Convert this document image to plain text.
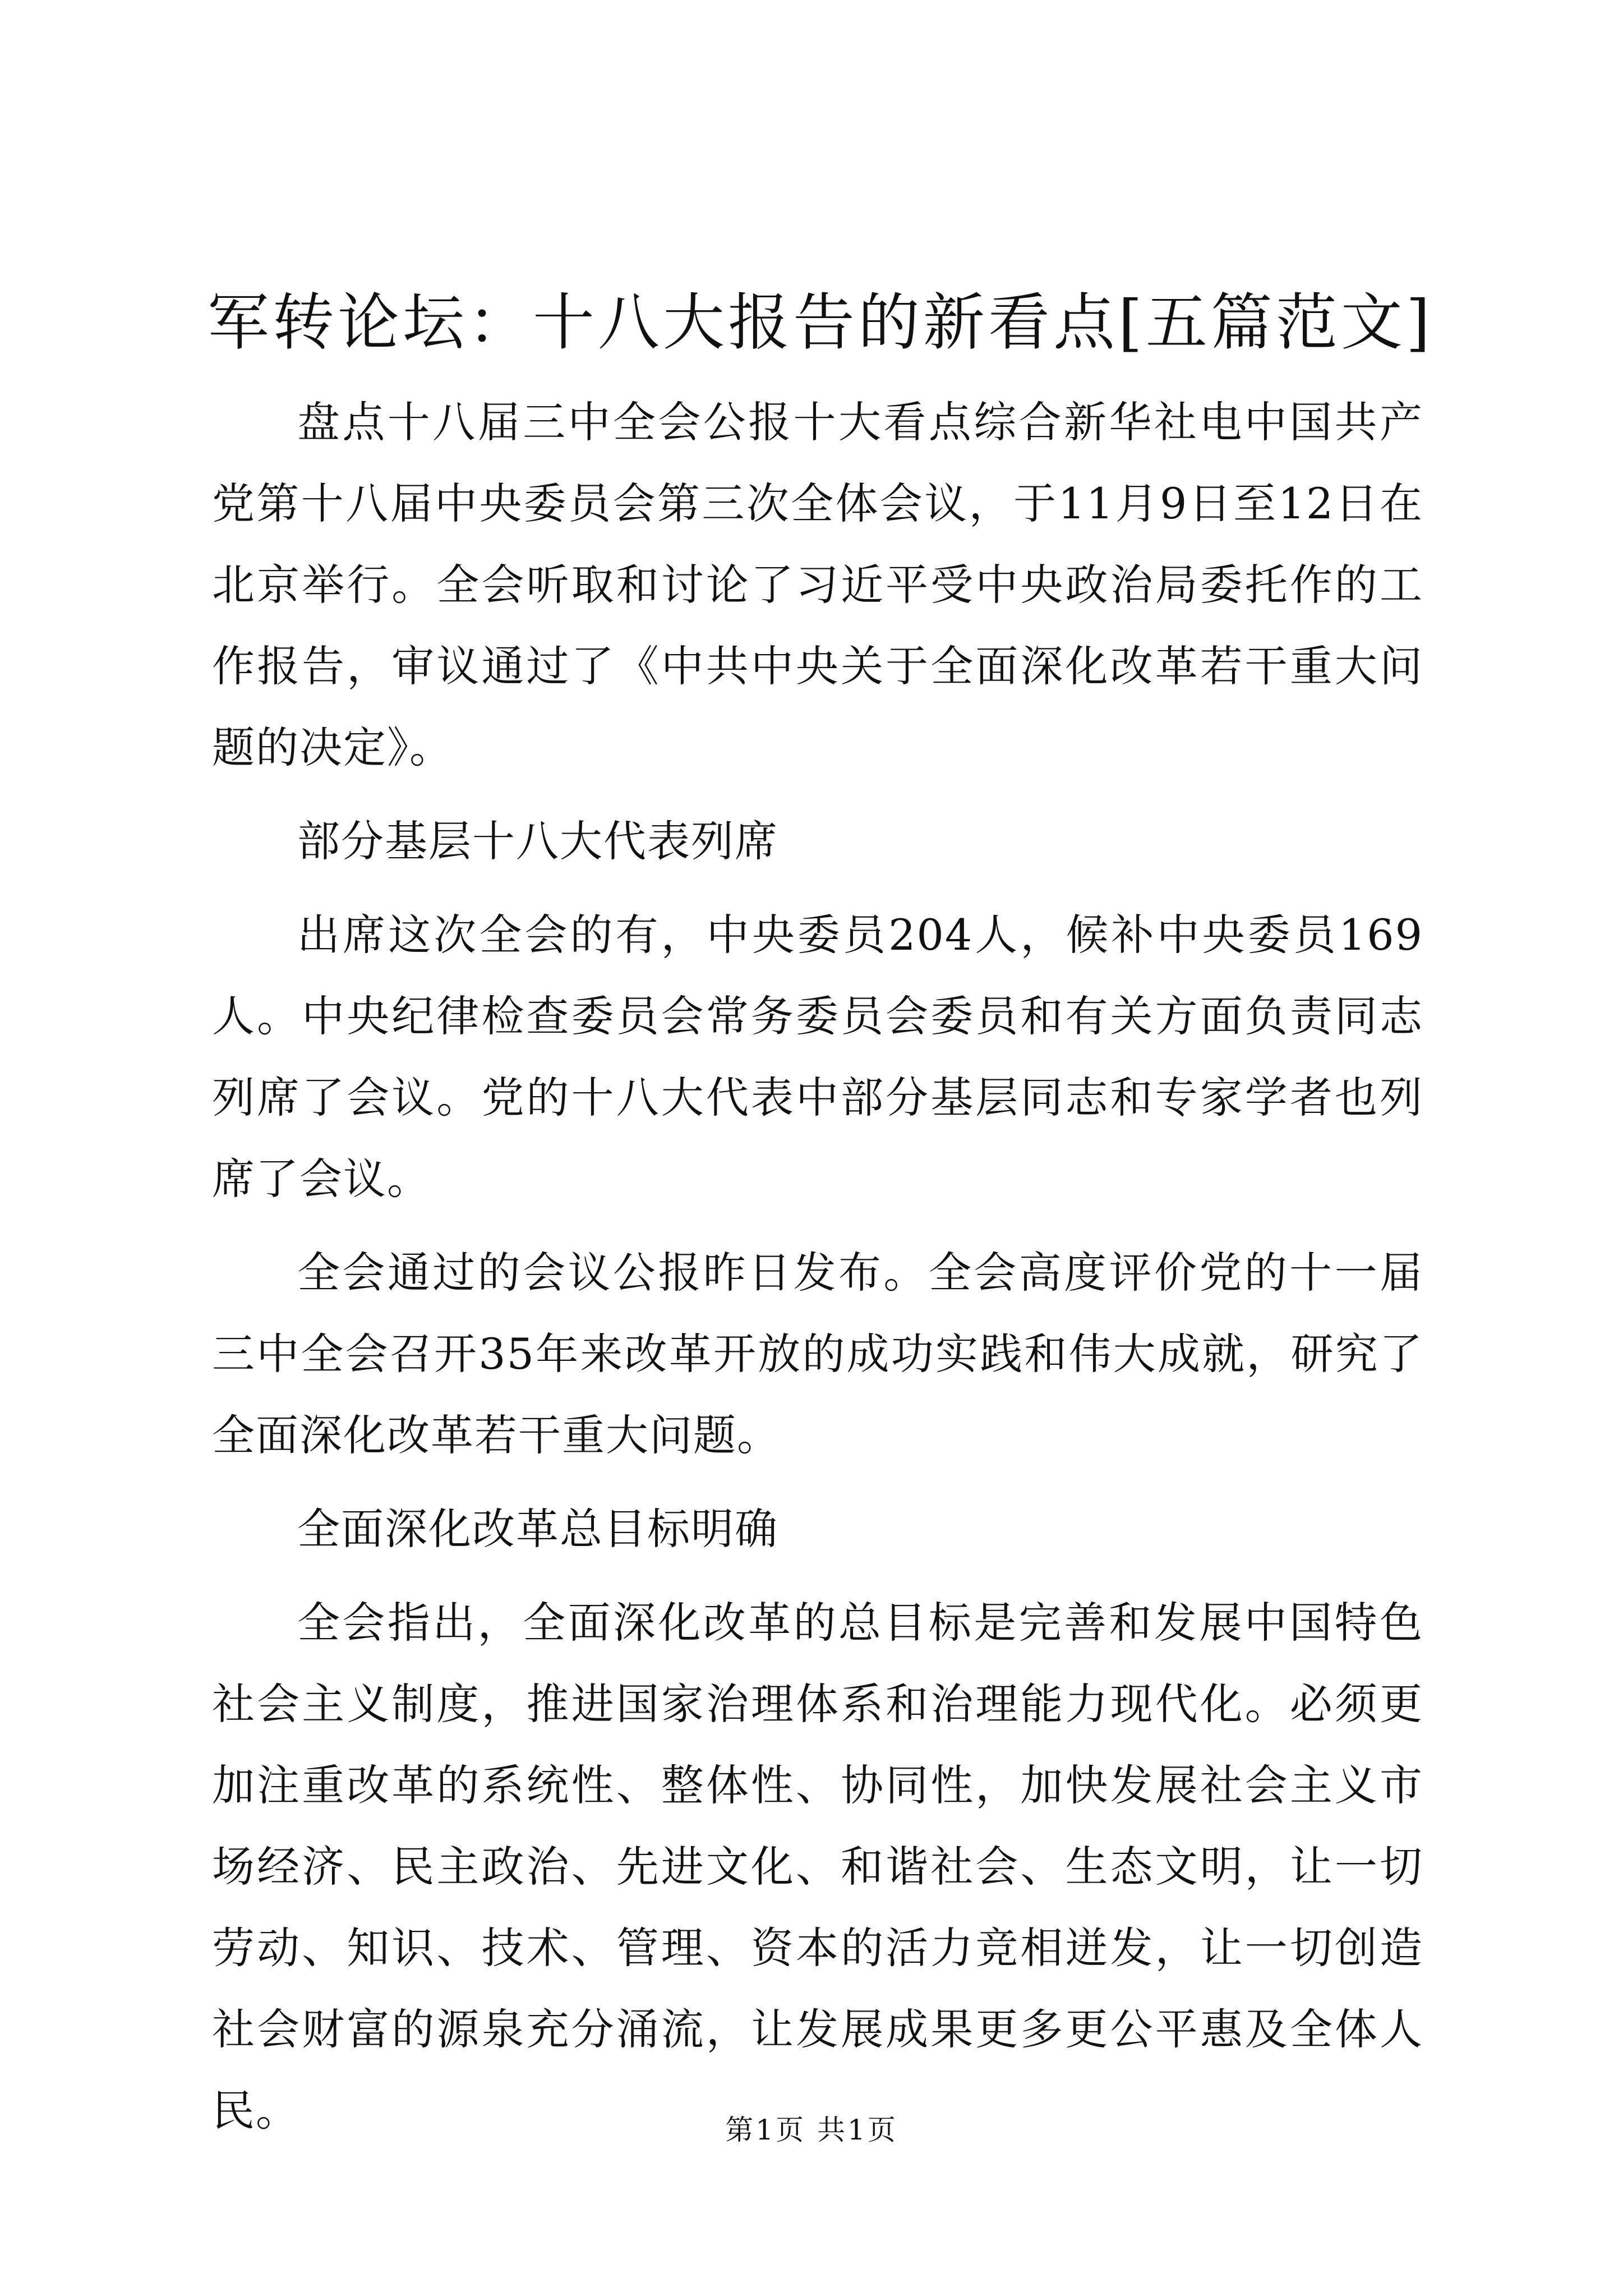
军转论坛：十八大报告的新看点[五篇范文]

盘点十八届三中全会公报十大看点综合新华社电中国共产党第十八届中央委员会第三次全体会议，于11月9日至12日在北京举行。全会听取和讨论了习近平受中央政治局委托作的工作报告，审议通过了《中共中央关于全面深化改革若干重大问题的决定》。

部分基层十八大代表列席

出席这次全会的有，中央委员204人，候补中央委员169人。中央纪律检查委员会常务委员会委员和有关方面负责同志列席了会议。党的十八大代表中部分基层同志和专家学者也列席了会议。

全会通过的会议公报昨日发布。全会高度评价党的十一届三中全会召开35年来改革开放的成功实践和伟大成就，研究了全面深化改革若干重大问题。

全面深化改革总目标明确

全会指出，全面深化改革的总目标是完善和发展中国特色社会主义制度，推进国家治理体系和治理能力现代化。必须更加注重改革的系统性、整体性、协同性，加快发展社会主义市场经济、民主政治、先进文化、和谐社会、生态文明，让一切劳动、知识、技术、管理、资本的活力竞相迸发，让一切创造社会财富的源泉充分涌流，让发展成果更多更公平惠及全体人民。	第1页 共1页
